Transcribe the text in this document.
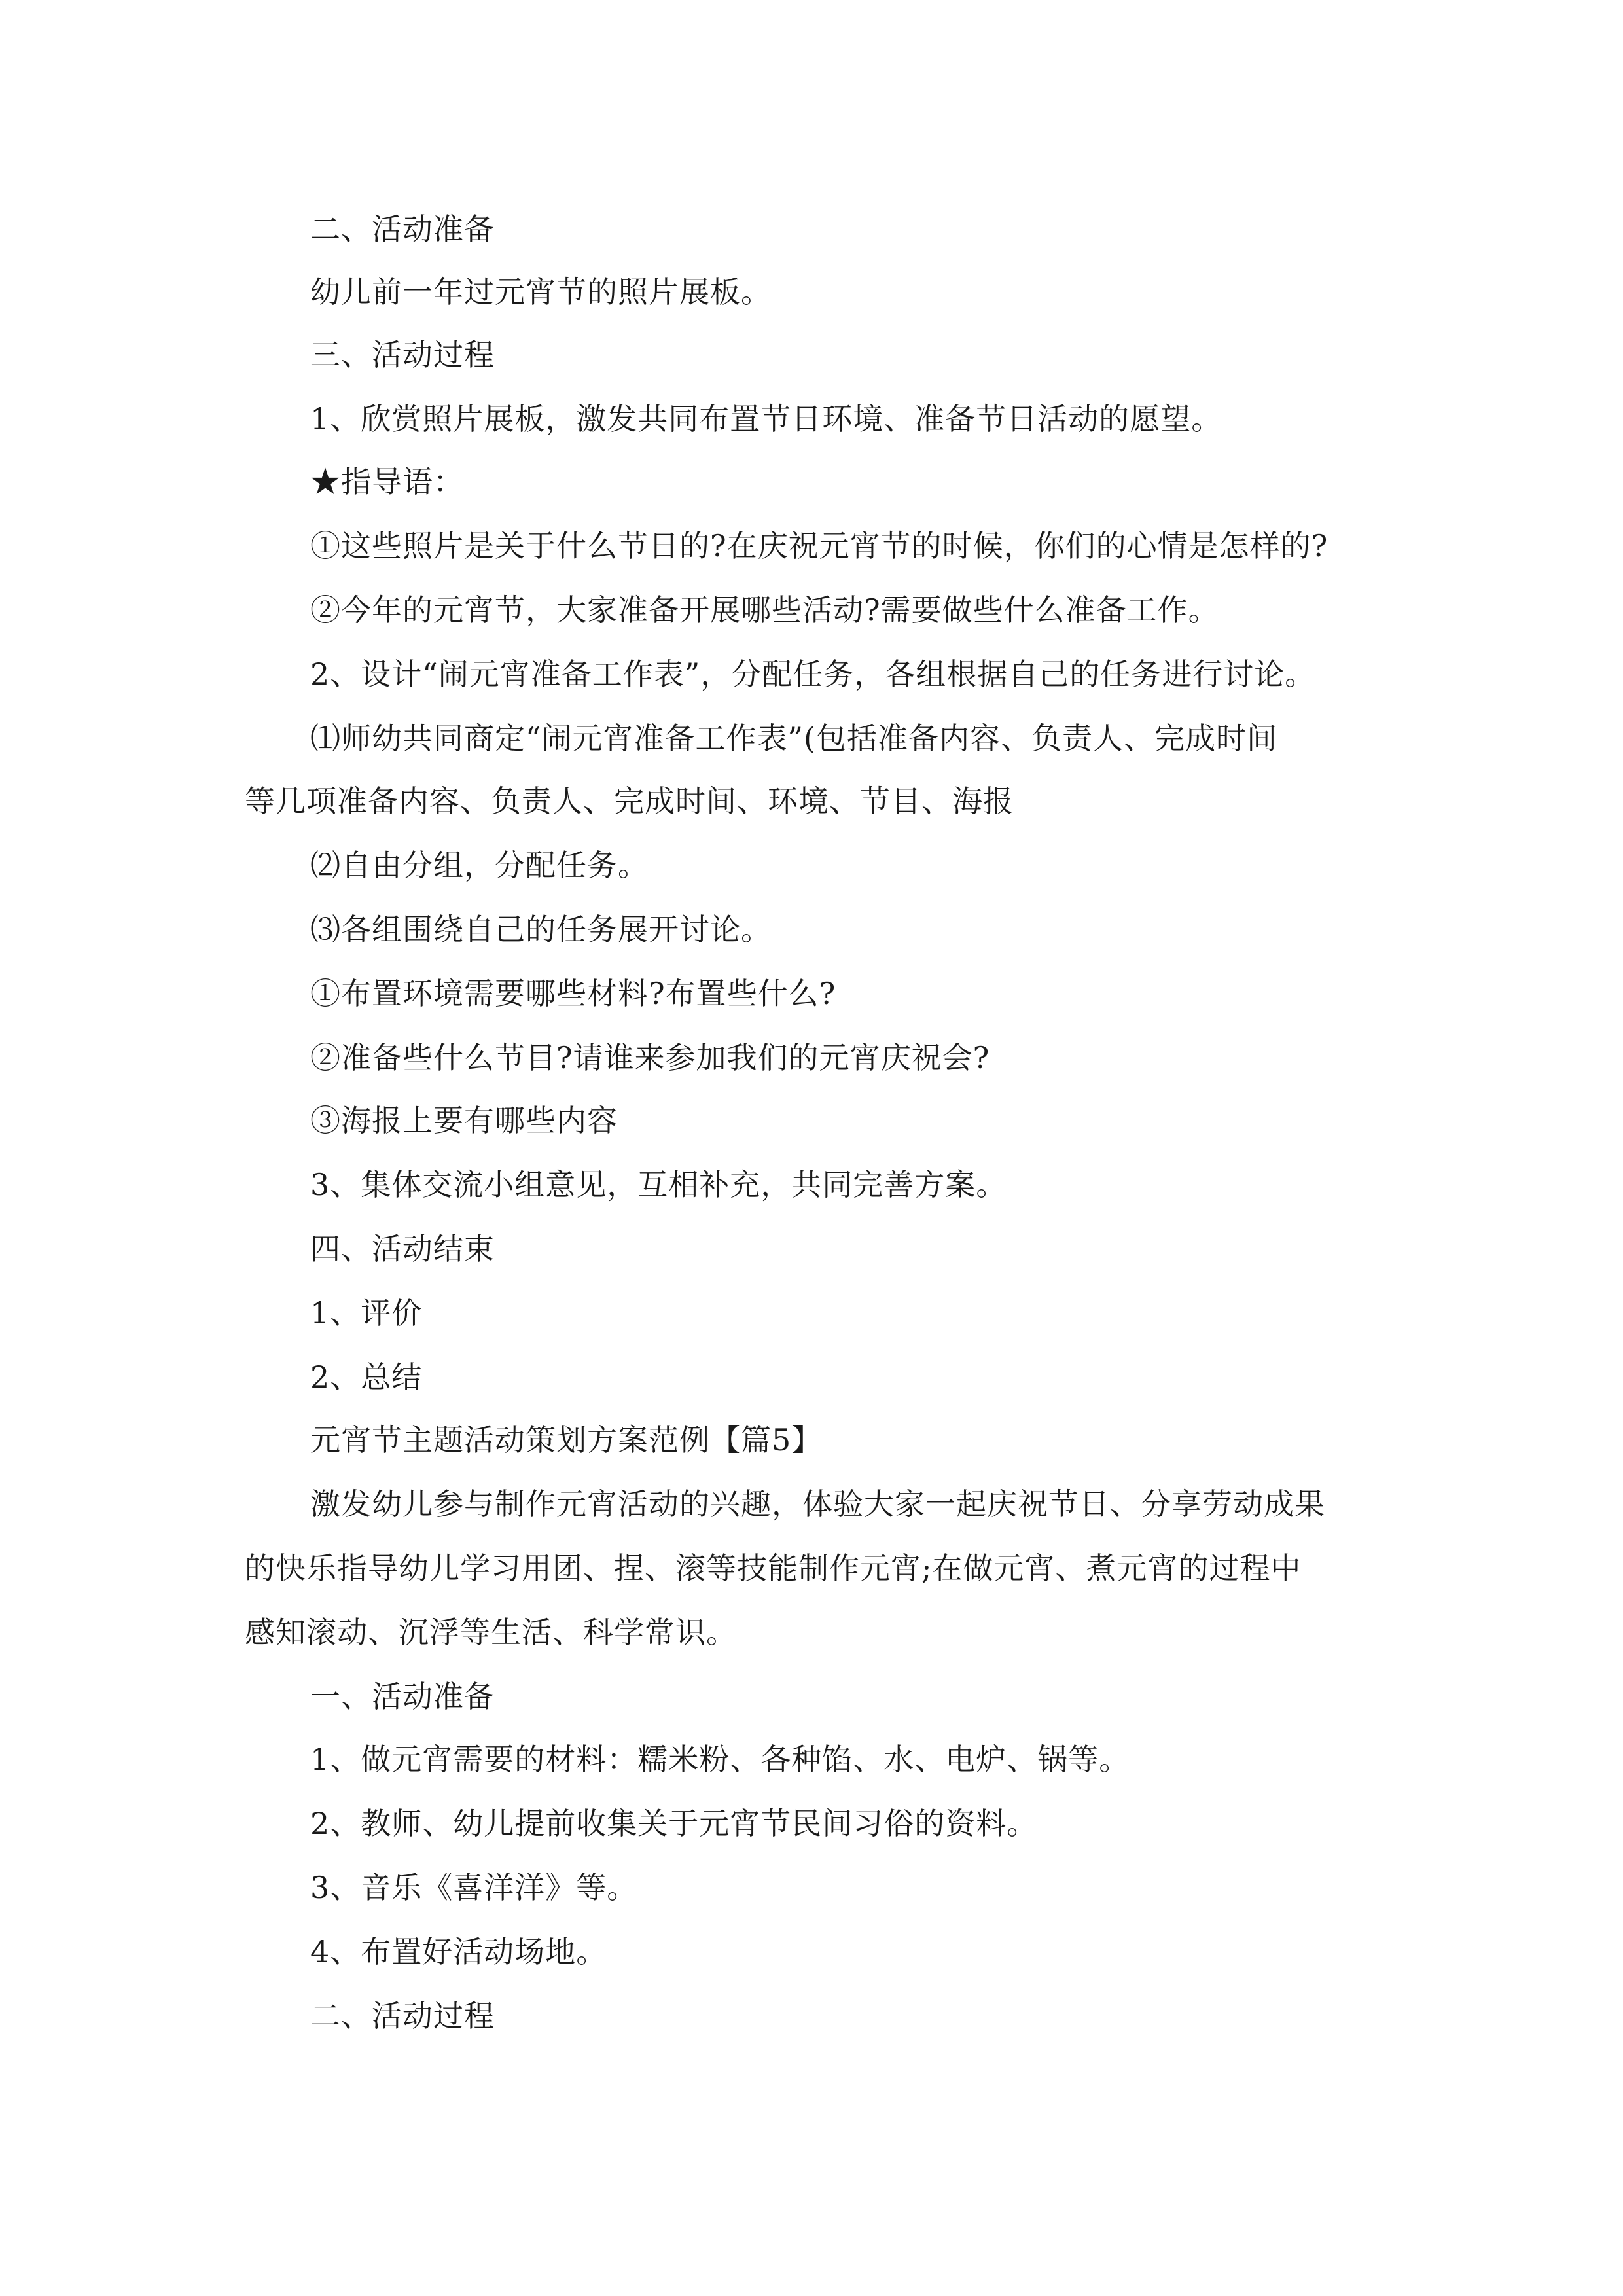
二、活动准备
幼儿前一年过元宵节的照片展板。
三、活动过程
1、欣赏照片展板，激发共同布置节日环境、准备节日活动的愿望。
★指导语：
①这些照片是关于什么节日的?在庆祝元宵节的时候，你们的心情是怎样的?
②今年的元宵节，大家准备开展哪些活动?需要做些什么准备工作。
2、设计“闹元宵准备工作表”，分配任务，各组根据自己的任务进行讨论。
⑴师幼共同商定“闹元宵准备工作表”(包括准备内容、负责人、完成时间
等几项准备内容、负责人、完成时间、环境、节目、海报
⑵自由分组，分配任务。
⑶各组围绕自己的任务展开讨论。
①布置环境需要哪些材料?布置些什么?
②准备些什么节目?请谁来参加我们的元宵庆祝会?
③海报上要有哪些内容
3、集体交流小组意见，互相补充，共同完善方案。
四、活动结束
1、评价
2、总结
元宵节主题活动策划方案范例【篇5】
激发幼儿参与制作元宵活动的兴趣，体验大家一起庆祝节日、分享劳动成果
的快乐指导幼儿学习用团、捏、滚等技能制作元宵;在做元宵、煮元宵的过程中
感知滚动、沉浮等生活、科学常识。
一、活动准备
1、做元宵需要的材料：糯米粉、各种馅、水、电炉、锅等。
2、教师、幼儿提前收集关于元宵节民间习俗的资料。
3、音乐《喜洋洋》等。
4、布置好活动场地。
二、活动过程
